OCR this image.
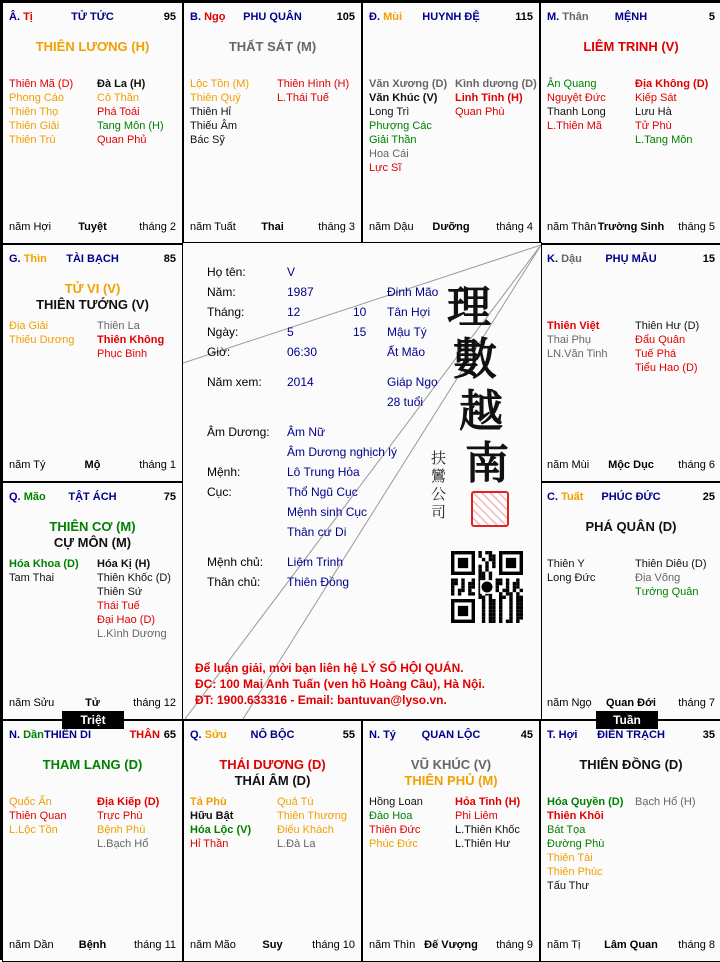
Â. Tị	TỬ TỨC	95
THIÊN LƯƠNG (H)
Thiên Mã (D)
Phong Cáo
Thiên Thọ
Thiên Giải
Thiên Trù
Đà La (H)
Cô Thần
Phá Toái
Tang Môn (H)
Quan Phủ
năm Hợi	Tuyệt	tháng 2
B. Ngọ	PHU QUÂN	105
THẤT SÁT (M)
Lộc Tồn (M)
Thiên Quý
Thiên Hỉ
Thiếu Âm
Bác Sỹ
Thiên Hình (H)
L.Thái Tuế
năm Tuất	Thai	tháng 3
Đ. Mùi	HUYNH ĐỆ	115
Văn Xương (D)
Văn Khúc (V)
Long Trì
Phượng Các
Giải Thần
Hoa Cái
Lực Sĩ
Kình dương (D)
Linh Tinh (H)
Quan Phù
năm Dậu	Dưỡng	tháng 4
M. Thân	MỆNH	5
LIÊM TRINH (V)
Ân Quang
Nguyệt Đức
Thanh Long
L.Thiên Mã
Địa Không (D)
Kiếp Sát
Lưu Hà
Tử Phù
L.Tang Môn
năm Thân Trường Sinh	tháng 5
G. Thìn	TÀI BẠCH	85
TỬ VI (V)
THIÊN TƯỚNG (V)
Địa Giải
Thiếu Dương
Thiên La
Thiên Không
Phục Binh
năm Tý	Mộ	tháng 1
K. Dậu	PHỤ MẪU	15
Thiên Việt
Thai Phụ
LN.Văn Tinh
Thiên Hư (D)
Đẩu Quân
Tuế Phá
Tiểu Hao (D)
năm Mùi	Mộc Dục	tháng 6
Q. Mão	TẬT ÁCH	75
THIÊN CƠ (M)
CỰ MÔN (M)
Hóa Khoa (D)
Tam Thai
Hóa Kị (H)
Thiên Khốc (D)
Thiên Sứ
Thái Tuế
Đại Hao (D)
L.Kình Dương
năm Sửu	Tử	tháng 12
C. Tuất	PHÚC ĐỨC	25
PHÁ QUÂN (D)
Thiên Y
Long Đức
Thiên Diêu (D)
Địa Võng
Tướng Quân
năm Ngọ	Quan Đới	tháng 7
N. Dần THIÊN DI	THÂN 65
THAM LANG (D)
Quốc Ấn
Thiên Quan
L.Lộc Tồn
Địa Kiếp (D)
Trực Phù
Bệnh Phù
L.Bạch Hổ
năm Dần	Bệnh	tháng 11
Q. Sửu	NÔ BỘC	55
THÁI DƯƠNG (D)
THÁI ÂM (D)
Tả Phù
Hữu Bật
Hóa Lộc (V)
Hỉ Thần
Quả Tú
Thiên Thương
Điếu Khách
L.Đà La
năm Mão	Suy	tháng 10
N. Tý	QUAN LỘC	45
VŨ KHÚC (V)
THIÊN PHỦ (M)
Hồng Loan
Đào Hoa
Thiên Đức
Phúc Đức
Hỏa Tinh (H)
Phi Liêm
L.Thiên Khốc
L.Thiên Hư
năm Thìn Đế Vượng	tháng 9
T. Hợi	ĐIỀN TRẠCH	35
THIÊN ĐỒNG (D)
Hóa Quyền (D)
Thiên Khôi
Bát Tọa
Đường Phù
Thiên Tài
Thiên Phúc
Tấu Thư
Bạch Hổ (H)
năm Tị	Lâm Quan	tháng 8
Họ tên:	V
Năm:	1987	Đinh Mão
Tháng:	12	10 Tân Hợi
Ngày:	5	15 Mậu Tý
Giờ:	06:30	Ất Mão
Năm xem: 2014	Giáp Ngọ
28 tuổi
Âm Dương: Âm Nữ
Âm Dương nghịch lý
Mệnh:	Lô Trung Hỏa
Cục:	Thổ Ngũ Cục
Mệnh sinh Cục
Thân cư Di
Mệnh chủ: Liêm Trinh
Thân chủ: Thiên Đồng
Để luận giải, mời bạn liên hệ LÝ SỐ HỘI QUÁN.
ĐC: 100 Mai Anh Tuấn (ven hồ Hoàng Cầu), Hà Nội.
ĐT: 1900.633316 - Email: bantuvan@lyso.vn.
理
數
越
南
扶
鸞
公
司
Triệt	Tuần
